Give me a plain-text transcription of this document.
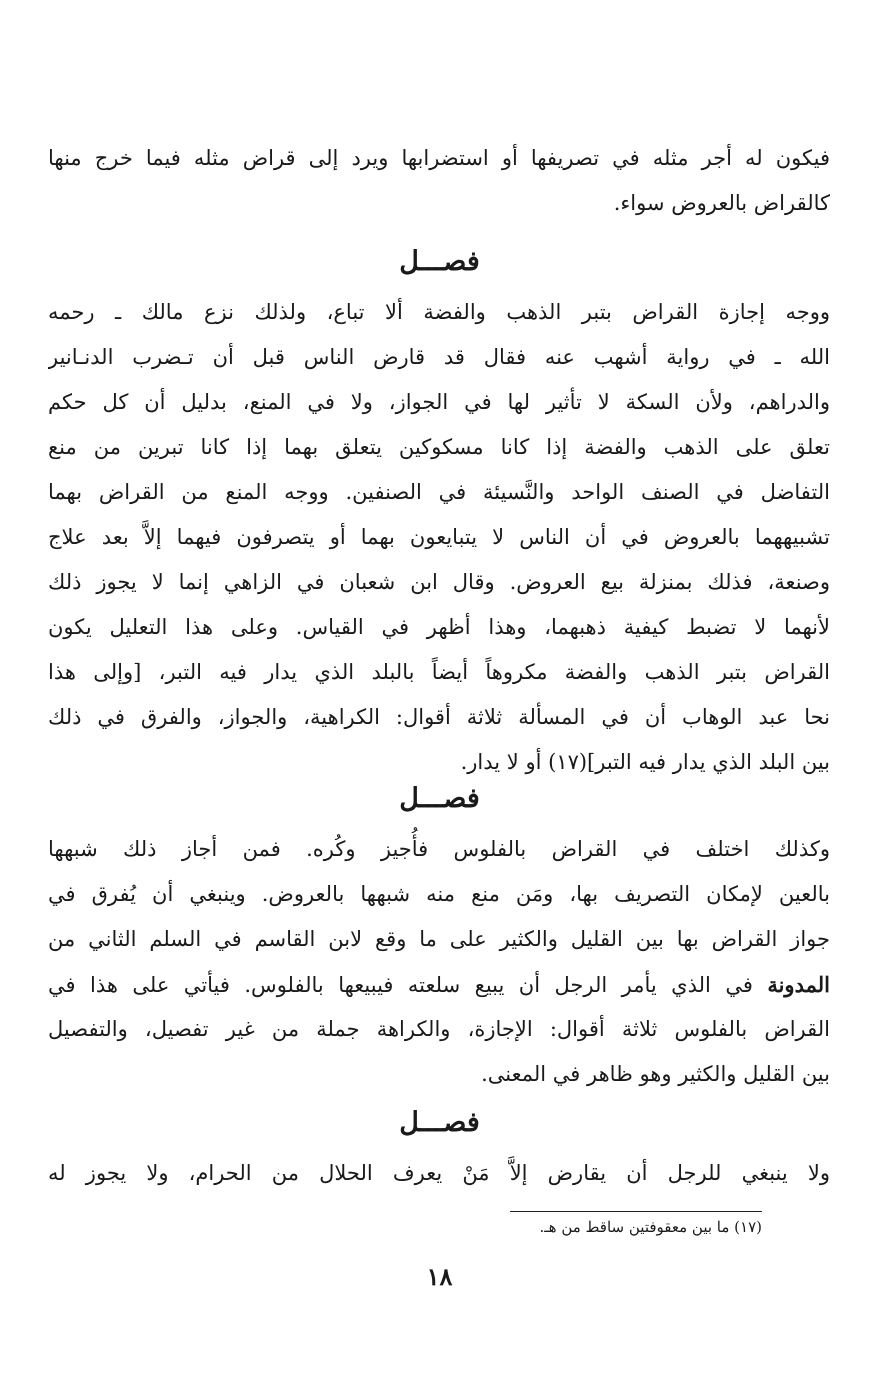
فيكون له أجر مثله في تصريفها أو استضرابها ويرد إلى قراض مثله فيما خرج منها
كالقراض بالعروض سواء.
فصـــل
ووجه إجازة القراض بتبر الذهب والفضة ألا تباع، ولذلك نزع مالك ـ رحمه
الله ـ في رواية أشهب عنه فقال قد قارض الناس قبل أن تـضرب الدنـانير
والدراهم، ولأن السكة لا تأثير لها في الجواز، ولا في المنع، بدليل أن كل حكم
تعلق على الذهب والفضة إذا كانا مسكوكين يتعلق بهما إذا كانا تبرين من منع
التفاضل في الصنف الواحد والنَّسيئة في الصنفين. ووجه المنع من القراض بهما
تشبيههما بالعروض في أن الناس لا يتبايعون بهما أو يتصرفون فيهما إلاَّ بعد علاج
وصنعة، فذلك بمنزلة بيع العروض. وقال ابن شعبان في الزاهي إنما لا يجوز ذلك
لأنهما لا تضبط كيفية ذهبهما، وهذا أظهر في القياس. وعلى هذا التعليل يكون
القراض بتبر الذهب والفضة مكروهاً أيضاً بالبلد الذي يدار فيه التبر، [وإلى هذا
نحا عبد الوهاب أن في المسألة ثلاثة أقوال: الكراهية، والجواز، والفرق في ذلك
بين البلد الذي يدار فيه التبر](١٧) أو لا يدار.
فصـــل
وكذلك اختلف في القراض بالفلوس فأُجيز وكُره. فمن أجاز ذلك شبهها
بالعين لإمكان التصريف بها، ومَن منع منه شبهها بالعروض. وينبغي أن يُفرق في
جواز القراض بها بين القليل والكثير على ما وقع لابن القاسم في السلم الثاني من
المدونة في الذي يأمر الرجل أن يبيع سلعته فيبيعها بالفلوس. فيأتي على هذا في
القراض بالفلوس ثلاثة أقوال: الإجازة، والكراهة جملة من غير تفصيل، والتفصيل
بين القليل والكثير وهو ظاهر في المعنى.
فصـــل
ولا ينبغي للرجل أن يقارض إلاَّ مَنْ يعرف الحلال من الحرام، ولا يجوز له
(١٧) ما بين معقوفتين ساقط من هـ.
١٨
